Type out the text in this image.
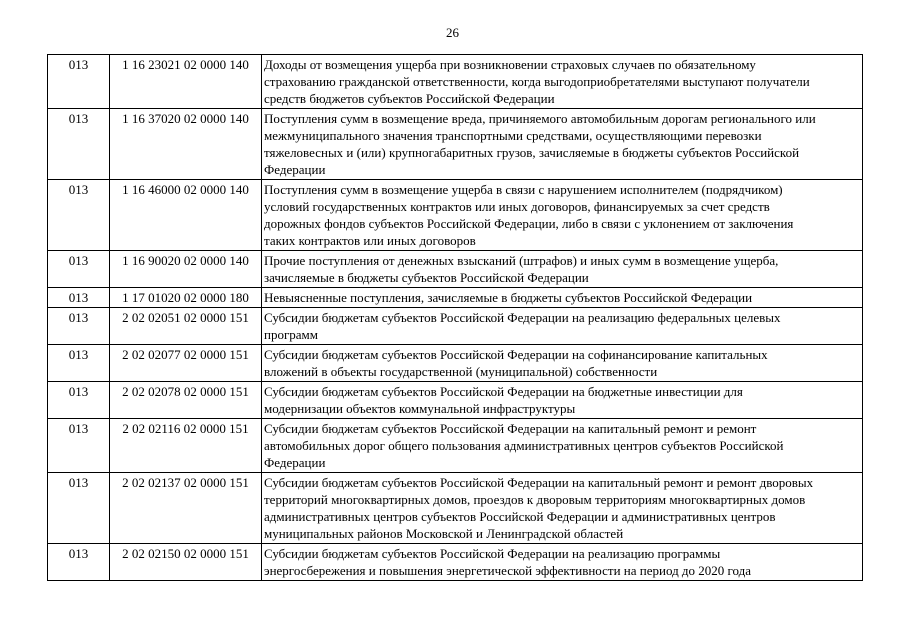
26
013	1 16 23021 02 0000 140	Доходы от возмещения ущерба при возникновении страховых случаев по обязательному
страхованию гражданской ответственности, когда выгодоприобретателями выступают получатели
средств бюджетов субъектов Российской Федерации

013	1 16 37020 02 0000 140	Поступления сумм в возмещение вреда, причиняемого автомобильным дорогам регионального или
межмуниципального значения транспортными средствами, осуществляющими перевозки
тяжеловесных и (или) крупногабаритных грузов, зачисляемые в бюджеты субъектов Российской
Федерации

013	1 16 46000 02 0000 140	Поступления сумм в возмещение ущерба в связи с нарушением исполнителем (подрядчиком)
условий государственных контрактов или иных договоров, финансируемых за счет средств
дорожных фондов субъектов Российской Федерации, либо в связи с уклонением от заключения
таких контрактов или иных договоров

013	1 16 90020 02 0000 140	Прочие поступления от денежных взысканий (штрафов) и иных сумм в возмещение ущерба,
зачисляемые в бюджеты субъектов Российской Федерации

013	1 17 01020 02 0000 180	Невыясненные поступления, зачисляемые в бюджеты субъектов Российской Федерации

013	2 02 02051 02 0000 151	Субсидии бюджетам субъектов Российской Федерации на реализацию федеральных целевых
программ

013	2 02 02077 02 0000 151	Субсидии бюджетам субъектов Российской Федерации на софинансирование капитальных
вложений в объекты государственной (муниципальной) собственности

013	2 02 02078 02 0000 151	Субсидии бюджетам субъектов Российской Федерации на бюджетные инвестиции для
модернизации объектов коммунальной инфраструктуры

013	2 02 02116 02 0000 151	Субсидии бюджетам субъектов Российской Федерации на капитальный ремонт и ремонт
автомобильных дорог общего пользования административных центров субъектов Российской
Федерации

013	2 02 02137 02 0000 151	Субсидии бюджетам субъектов Российской Федерации на капитальный ремонт и ремонт дворовых
территорий многоквартирных домов, проездов к дворовым территориям многоквартирных домов
административных центров субъектов Российской Федерации и административных центров
муниципальных районов Московской и Ленинградской областей

013	2 02 02150 02 0000 151	Субсидии бюджетам субъектов Российской Федерации на реализацию программы
энергосбережения и повышения энергетической эффективности на период до 2020 года
